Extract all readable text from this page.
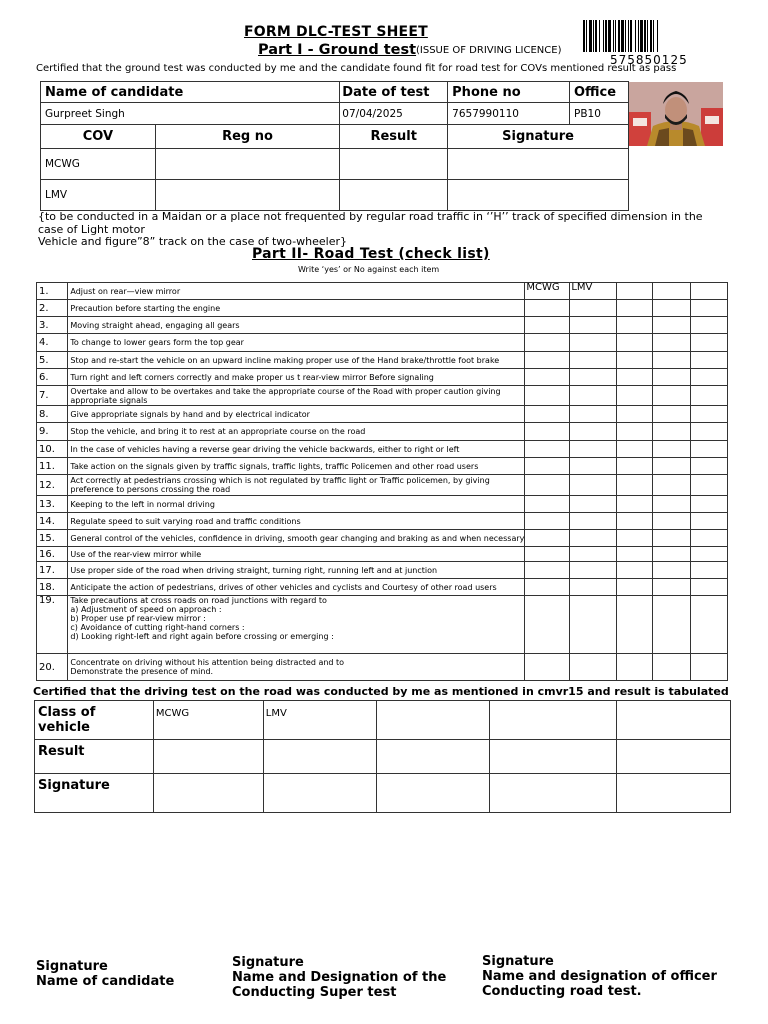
FORM DLC-TEST SHEET
Part I - Ground test (ISSUE OF DRIVING LICENCE)
575850125
Certified that the ground test was conducted by me and the candidate found fit for road test for COVs mentioned result as pass
Name of candidate		Date of test	Phone no	Office
Gurpreet Singh		07/04/2025	7657990110	PB10
COV	Reg no	Result	Signature	
MCWG				
LMV				
{to be conducted in a Maidan or a place not frequented by regular road traffic in ‘’H’’ track of specified dimension in the case of Light motor
Vehicle and figure”8” track on the case of two-wheeler}
Part II- Road Test (check list)
Write ‘yes’ or No against each item
1.	Adjust on rear—view mirror	MCWG	LMV			
2.	Precaution before starting the engine					

3.	Moving straight ahead, engaging all gears					

4.	To change to lower gears form the top gear					

5.	Stop and re-start the vehicle on an upward incline making proper use of the Hand brake/throttle foot brake					

6.	Turn right and left corners correctly and make proper us t rear-view mirror Before signaling					

7.	Overtake and allow to be overtakes and take the appropriate course of the Road with proper caution giving
appropriate signals					

8.	Give appropriate signals by hand and by electrical indicator					

9.	Stop the vehicle, and bring it to rest at an appropriate course on the road					

10.	In the case of vehicles having a reverse gear driving the vehicle backwards, either to right or left					

11.	Take action on the signals given by traffic signals, traffic lights, traffic Policemen and other road users					

12.	Act correctly at pedestrians crossing which is not regulated by traffic light or Traffic policemen, by giving
preference to persons crossing the road					

13.	Keeping to the left in normal driving					

14.	Regulate speed to suit varying road and traffic conditions					

15.	General control of the vehicles, confidence in driving, smooth gear changing and braking as and when necessary					

16.	Use of the rear-view mirror while					

17.	Use proper side of the road when driving straight, turning right, running left and at junction					

18.	Anticipate the action of pedestrians, drives of other vehicles and cyclists and Courtesy of other road users					

19.	Take precautions at cross roads on road junctions with regard to
a) Adjustment of speed on approach :
b) Proper use pf rear-view mirror :
c) Avoidance of cutting right-hand corners :
d) Looking right-left and right again before crossing or emerging :					

20.	Concentrate on driving without his attention being distracted and to
Demonstrate the presence of mind.					

Certified that the driving test on the road was conducted by me as mentioned in cmvr15 and result is tabulated
Class of vehicle	MCWG	LMV			
Result					
Signature					
Signature
Name of candidate
Signature
Name and Designation of the
Conducting Super test
Signature
Name and designation of officer
Conducting road test.
